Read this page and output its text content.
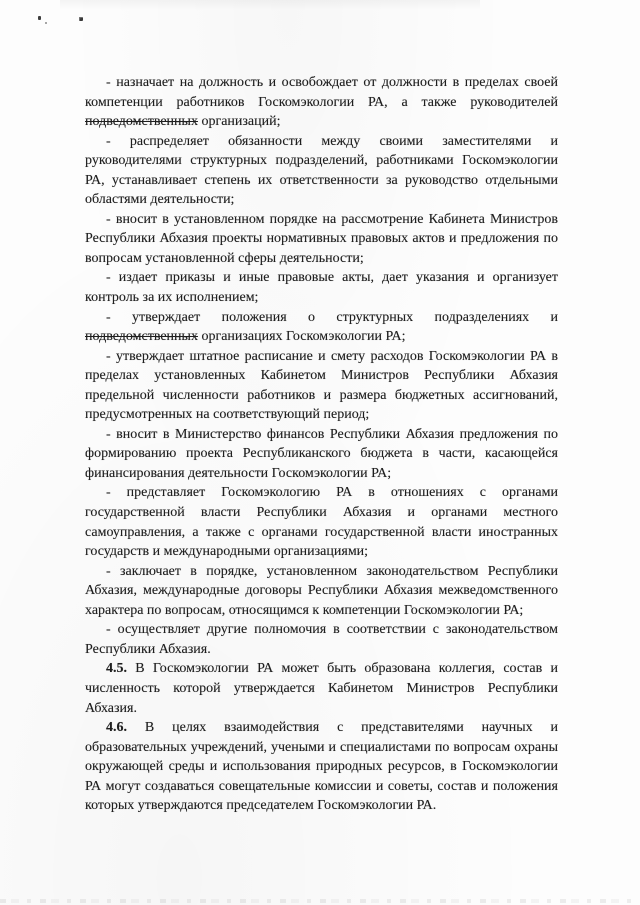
- назначает на должность и освобождает от должности в пределах своей компетенции работников Госкомэкологии РА, а также руководителей подведомственных организаций;

- распределяет обязанности между своими заместителями и руководителями структурных подразделений, работниками Госкомэкологии РА, устанавливает степень их ответственности за руководство отдельными областями деятельности;

- вносит в установленном порядке на рассмотрение Кабинета Министров Республики Абхазия проекты нормативных правовых актов и предложения по вопросам установленной сферы деятельности;

- издает приказы и иные правовые акты, дает указания и организует контроль за их исполнением;

- утверждает положения о структурных подразделениях и подведомственных организациях Госкомэкологии РА;

- утверждает штатное расписание и смету расходов Госкомэкологии РА в пределах установленных Кабинетом Министров Республики Абхазия предельной численности работников и размера бюджетных ассигнований, предусмотренных на соответствующий период;

- вносит в Министерство финансов Республики Абхазия предложения по формированию проекта Республиканского бюджета в части, касающейся финансирования деятельности Госкомэкологии РА;

- представляет Госкомэкологию РА в отношениях с органами государственной власти Республики Абхазия и органами местного самоуправления, а также с органами государственной власти иностранных государств и международными организациями;

- заключает в порядке, установленном законодательством Республики Абхазия, международные договоры Республики Абхазия межведомственного характера по вопросам, относящимся к компетенции Госкомэкологии РА;

- осуществляет другие полномочия в соответствии с законодательством Республики Абхазия.

4.5. В Госкомэкологии РА может быть образована коллегия, состав и численность которой утверждается Кабинетом Министров Республики Абхазия.

4.6. В целях взаимодействия с представителями научных и образовательных учреждений, учеными и специалистами по вопросам охраны окружающей среды и использования природных ресурсов, в Госкомэкологии РА могут создаваться совещательные комиссии и советы, состав и положения которых утверждаются председателем Госкомэкологии РА.
